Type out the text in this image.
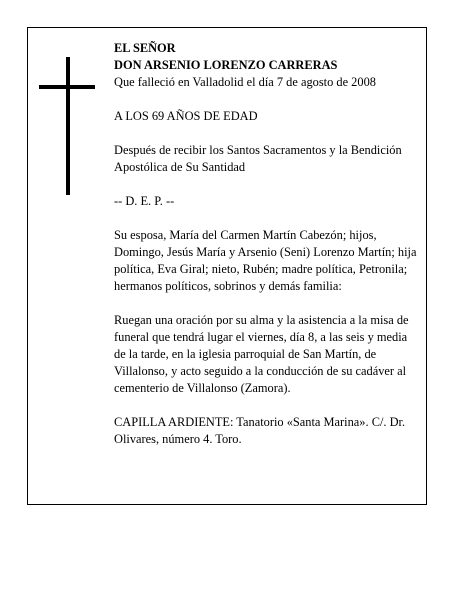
EL SEÑOR
DON ARSENIO LORENZO CARRERAS
Que falleció en Valladolid el día 7 de agosto de 2008

A LOS 69 AÑOS DE EDAD

Después de recibir los Santos Sacramentos y la Bendición Apostólica de Su Santidad

-- D. E. P. --

Su esposa, María del Carmen Martín Cabezón; hijos, Domingo, Jesús María y Arsenio (Seni) Lorenzo Martín; hija política, Eva Giral; nieto, Rubén; madre política, Petronila; hermanos políticos, sobrinos y demás familia:

Ruegan una oración por su alma y la asistencia a la misa de funeral que tendrá lugar el viernes, día 8, a las seis y media de la tarde, en la iglesia parroquial de San Martín, de Villalonso, y acto seguido a la conducción de su cadáver al cementerio de Villalonso (Zamora).

CAPILLA ARDIENTE: Tanatorio «Santa Marina». C/. Dr. Olivares, número 4. Toro.
